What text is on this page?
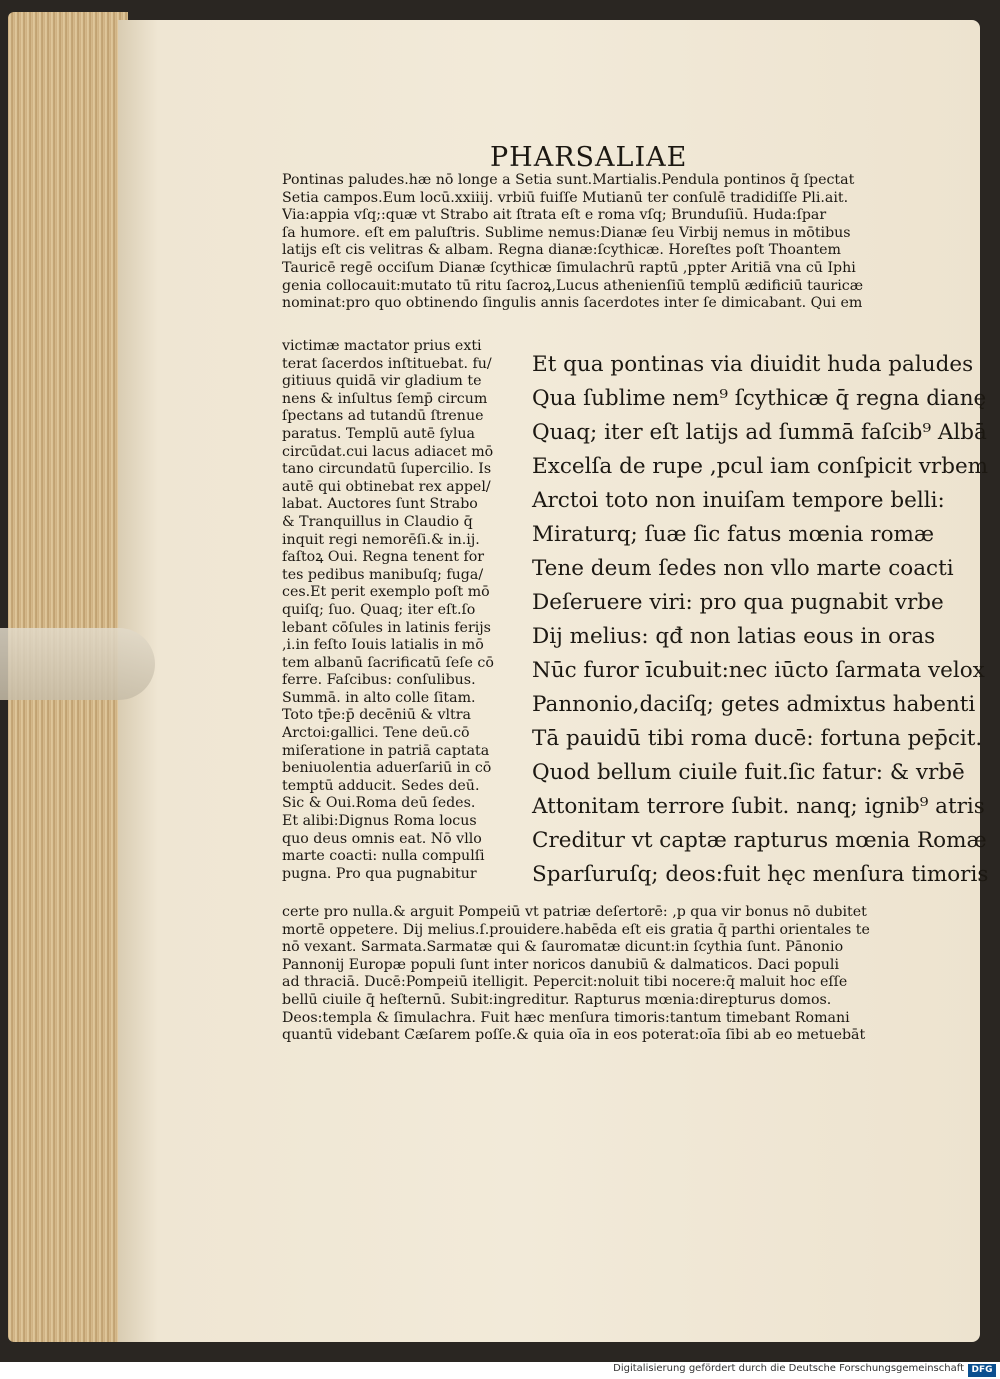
PHARSALIAE
Pontinas paludes.hæ nō longe a Setia sunt.Martialis.Pendula pontinos q̄ ſpectat
Setia campos.Eum locū.xxiiij. vrbiū fuiſſe Mutianū ter conſulē tradidiſſe Pli.ait.
Via:appia vſq;:quæ vt Strabo ait ſtrata eſt e roma vſq; Brunduſiū. Huda:ſpar
ſa humore. eſt em paluſtris. Sublime nemus:Dianæ ſeu Virbij nemus in mōtibus
latijs eſt cis velitras & albam. Regna dianæ:ſcythicæ. Horeſtes poſt Thoantem
Tauricē regē occiſum Dianæ ſcythicæ ſimulachrū raptū ,ppter Aritiā vna cū Iphi
genia collocauit:mutato tū ritu ſacroꝝ,Lucus athenienſiū templū ædificiū tauricæ
nominat̄:pro quo obtinendo ſingulis annis ſacerdotes inter ſe dimicabant. Qui em
victimæ mactator prius exti
terat ſacerdos inſtituebat̄. fu/
gitiuus quidā vir gladium te
nens & inſultus ſemp̄ circum
ſpectans ad tutandū ſtrenue
paratus. Templū autē ſylua
circūdat.cui lacus adiacet mō
tano circundatū ſupercilio. Is
autē qui obtinebat rex appel/
labat̄. Auctores ſunt Strabo
& Tranquillus in Claudio q̄
inquit regi nemorēſi.& in.ij.
faſtoꝝ Oui. Regna tenent for
tes pedibus manibuſq; fuga/
ces.Et perit exemplo poſt mō
quiſq; ſuo. Quaq; iter eſt.ſo
lebant cōſules in latinis ferijs
,i.in feſto Iouis latialis in mō
tem albanū ſacrificatū ſeſe cō
ferre. Faſcibus: conſulibus.
Summā. in alto colle ſitam.
Toto tp̄e:p̄ decēniū & vltra
Arctoi:gallici. Tene deū.cō
miſeratione in patriā captata
beniuolentia aduerſariū in cō
temptū adducit. Sedes deū.
Sic & Oui.Roma deū ſedes.
Et alibi:Dignus Roma locus
quo deus omnis eat. Nō vllo
marte coacti: nulla compulſi
pugna. Pro qua pugnabitur
Et qua pontinas via diuidit huda paludes
Qua ſublime nem⁹ ſcythicæ q̄ regna dianę
Quaq; iter eſt latijs ad ſummā faſcib⁹ Albā
Excelſa de rupe ,pcul iam conſpicit vrbem
Arctoi toto non inuiſam tempore belli:
Miraturq; ſuæ ſic fatus mœnia romæ
Tene deum ſedes non vllo marte coacti
Deſeruere viri: pro qua pugnabit vrbe
Dij melius: qđ non latias eous in oras
Nūc furor īcubuit:nec iūcto ſarmata velox
Pannonio,daciſq; getes admixtus habenti
Tā pauidū tibi roma ducē: fortuna pep̄cit.
Quod bellum ciuile fuit.ſic fatur: & vrbē
Attonitam terrore ſubit. nanq; ignib⁹ atris
Creditur vt captæ rapturus mœnia Romæ
Sparſuruſq; deos:fuit hęc menſura timoris
certe pro nulla.& arguit Pompeiū vt patriæ deſertorē: ,p qua vir bonus nō dubitet
mortē oppetere. Dij melius.ſ.prouidere.habēda eſt eis gratia q̄ parthi orientales te
nō vexant. Sarmata.Sarmatæ qui & ſauromatæ dicunt̄:in ſcythia ſunt. Pānonio
Pannonij Europæ populi ſunt inter noricos danubiū & dalmaticos. Daci populi
ad thraciā. Ducē:Pompeiū itelligit. Pepercit:noluit tibi nocere:q̄ maluit hoc eſſe
bellū ciuile q̄ heſternū. Subit:ingreditur. Rapturus mœnia:direpturus domos.
Deos:templa & ſimulachra. Fuit hæc menſura timoris:tantum timebant Romani
quantū videbant Cæſarem poſſe.& quia oīa in eos poterat:oīa ſibi ab eo metuebāt
Digitalisierung gefördert durch die Deutsche Forschungsgemeinschaft DFG
